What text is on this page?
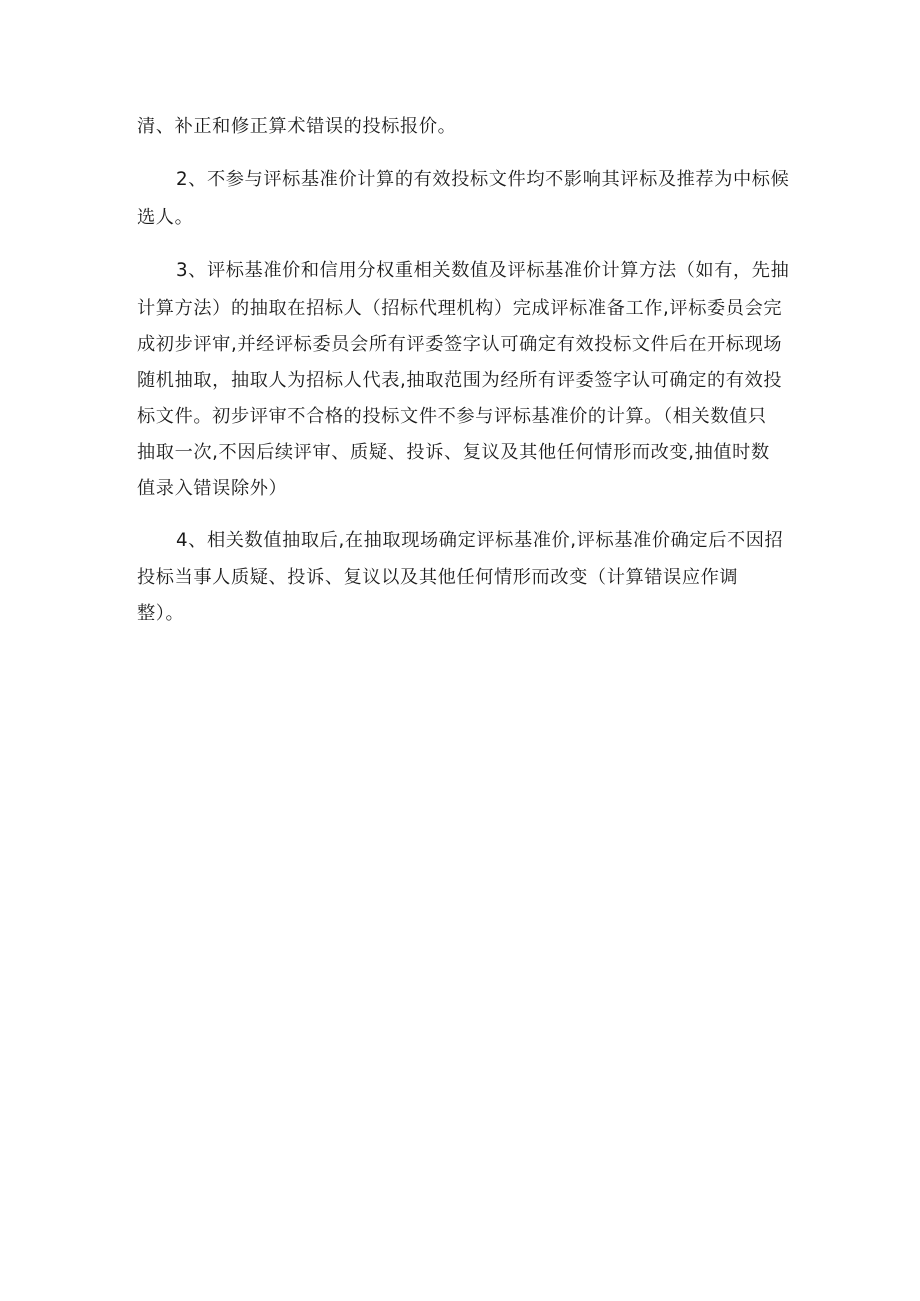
清、补正和修正算术错误的投标报价。
2、不参与评标基准价计算的有效投标文件均不影响其评标及推荐为中标候
选人。
3、评标基准价和信用分权重相关数值及评标基准价计算方法（如有，先抽
计算方法）的抽取在招标人（招标代理机构）完成评标准备工作,评标委员会完
成初步评审,并经评标委员会所有评委签字认可确定有效投标文件后在开标现场
随机抽取，抽取人为招标人代表,抽取范围为经所有评委签字认可确定的有效投
标文件。初步评审不合格的投标文件不参与评标基准价的计算。（相关数值只
抽取一次,不因后续评审、质疑、投诉、复议及其他任何情形而改变,抽值时数
值录入错误除外）
4、相关数值抽取后,在抽取现场确定评标基准价,评标基准价确定后不因招
投标当事人质疑、投诉、复议以及其他任何情形而改变（计算错误应作调
整）。
